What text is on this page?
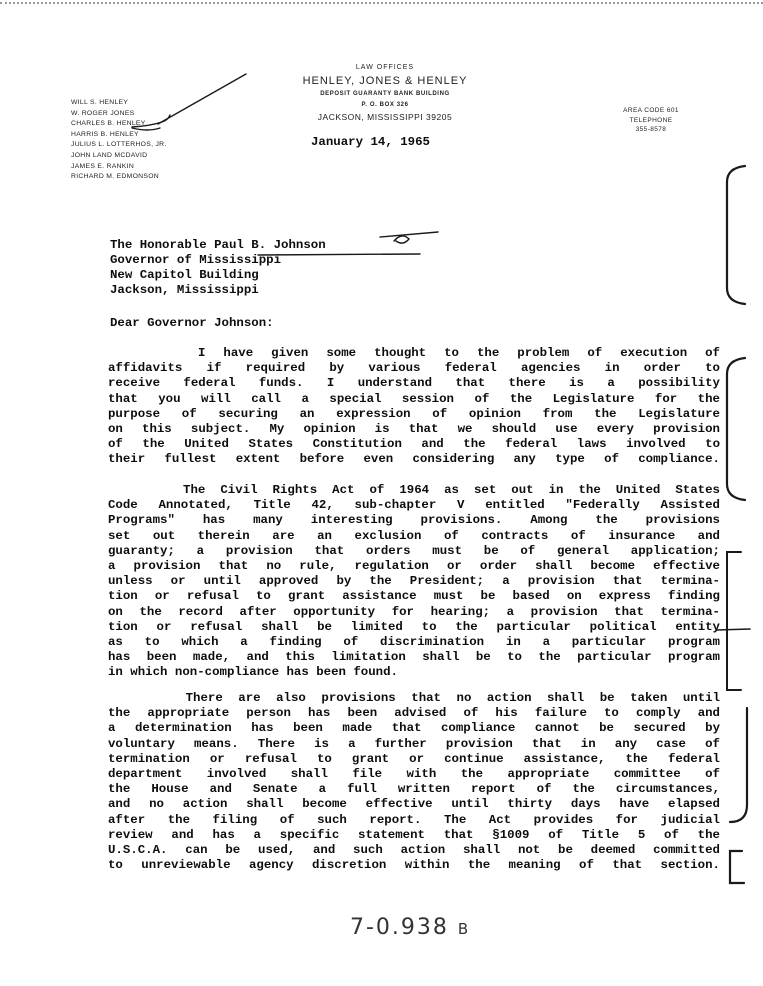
WILL S. HENLEY
W. ROGER JONES
CHARLES B. HENLEY
HARRIS B. HENLEY
JULIUS L. LOTTERHOS, JR.
JOHN LAND MCDAVID
JAMES E. RANKIN
RICHARD M. EDMONSON
LAW OFFICES
HENLEY, JONES & HENLEY
DEPOSIT GUARANTY BANK BUILDING
P. O. BOX 326
JACKSON, MISSISSIPPI 39205
AREA CODE 601
TELEPHONE
355-8578
January 14, 1965
The Honorable Paul B. Johnson
Governor of Mississippi
New Capitol Building
Jackson, Mississippi
Dear Governor Johnson:
I have given some thought to the problem of execution of
affidavits if required by various federal agencies in order to
receive federal funds. I understand that there is a possibility
that you will call a special session of the Legislature for the
purpose of securing an expression of opinion from the Legislature
on this subject. My opinion is that we should use every provision
of the United States Constitution and the federal laws involved to
their fullest extent before even considering any type of compliance.
The Civil Rights Act of 1964 as set out in the United States
Code Annotated, Title 42, sub-chapter V entitled "Federally Assisted
Programs" has many interesting provisions. Among the provisions
set out therein are an exclusion of contracts of insurance and
guaranty; a provision that orders must be of general application;
a provision that no rule, regulation or order shall become effective
unless or until approved by the President; a provision that termina-
tion or refusal to grant assistance must be based on express finding
on the record after opportunity for hearing; a provision that termina-
tion or refusal shall be limited to the particular political entity
as to which a finding of discrimination in a particular program
has been made, and this limitation shall be to the particular program
in which non-compliance has been found.
There are also provisions that no action shall be taken until
the appropriate person has been advised of his failure to comply and
a determination has been made that compliance cannot be secured by
voluntary means. There is a further provision that in any case of
termination or refusal to grant or continue assistance, the federal
department involved shall file with the appropriate committee of
the House and Senate a full written report of the circumstances,
and no action shall become effective until thirty days have elapsed
after the filing of such report. The Act provides for judicial
review and has a specific statement that §1009 of Title 5 of the
U.S.C.A. can be used, and such action shall not be deemed committed
to unreviewable agency discretion within the meaning of that section.
7-0.938 B
